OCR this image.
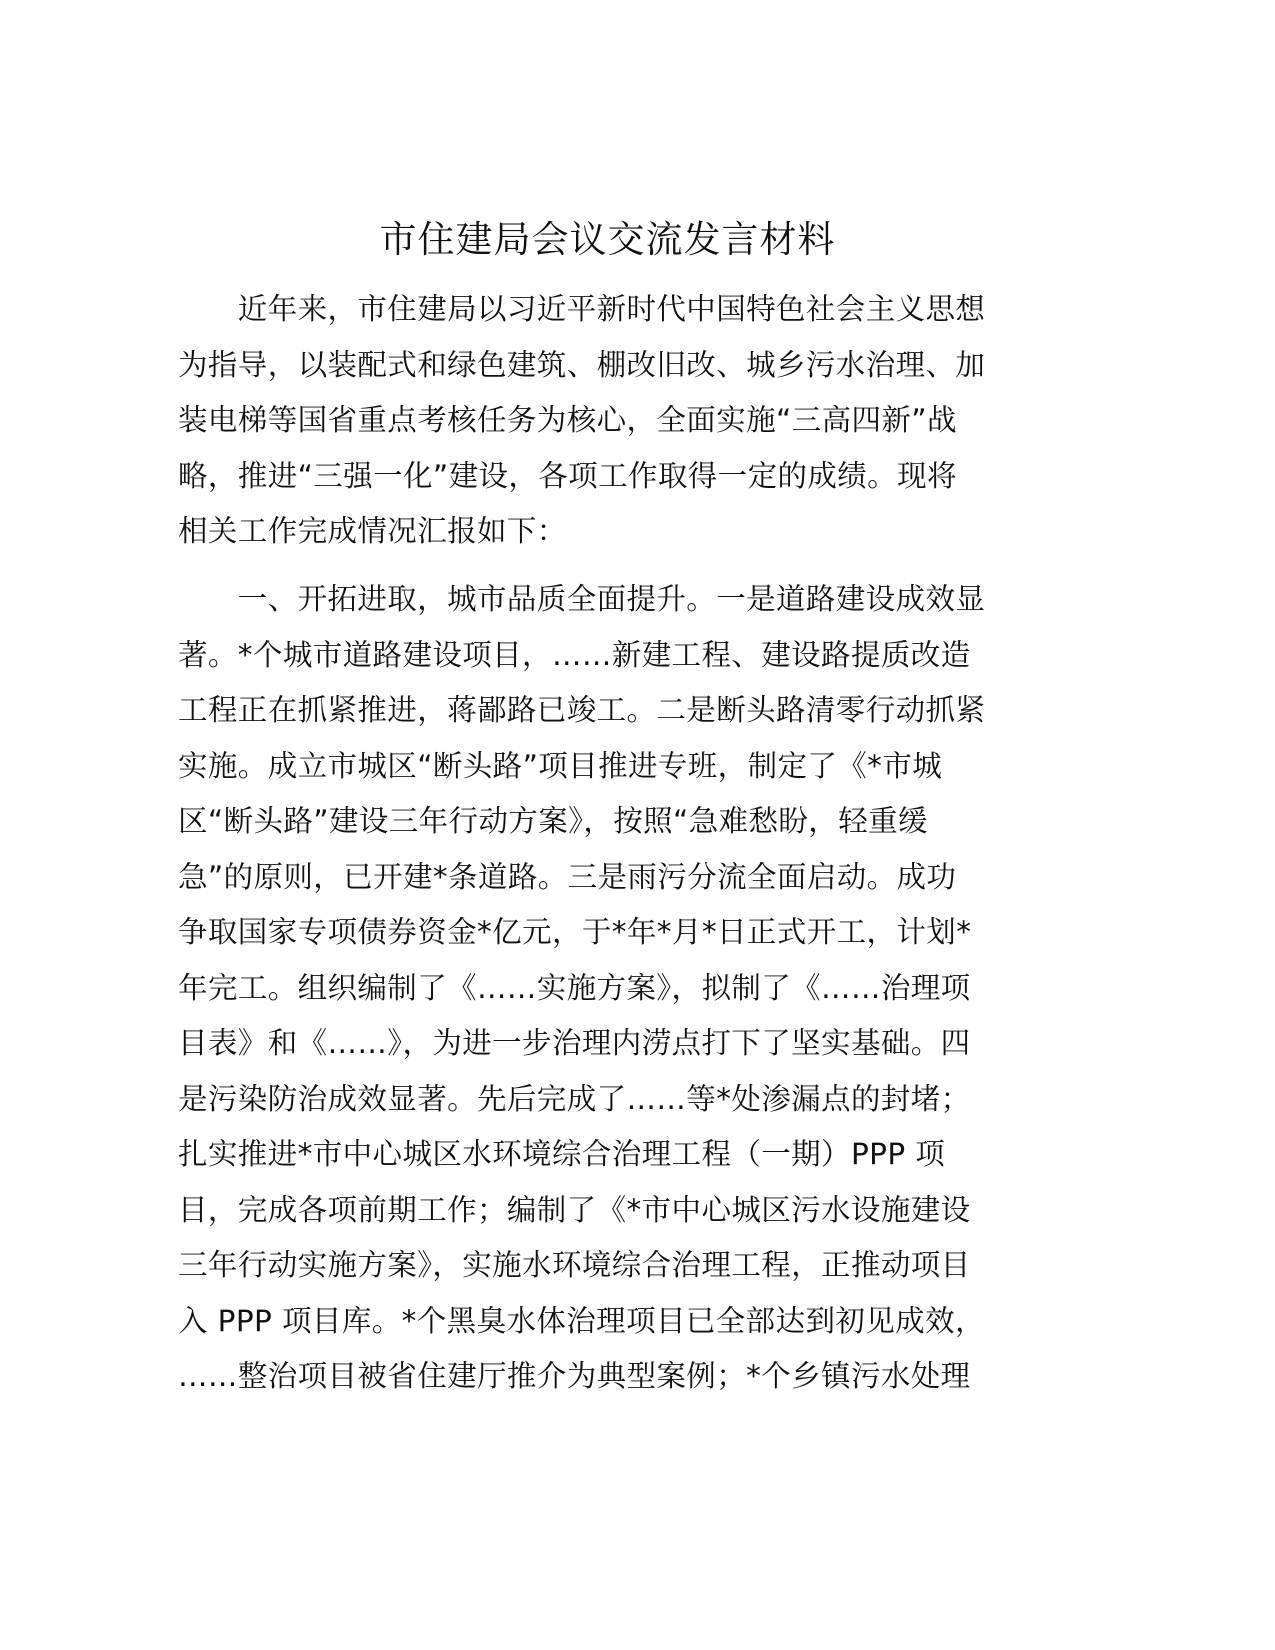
市住建局会议交流发言材料
　　近年来，市住建局以习近平新时代中国特色社会主义思想
为指导，以装配式和绿色建筑、棚改旧改、城乡污水治理、加
装电梯等国省重点考核任务为核心，全面实施“三高四新”战
略，推进“三强一化”建设，各项工作取得一定的成绩。现将
相关工作完成情况汇报如下：
　　一、开拓进取，城市品质全面提升。一是道路建设成效显
著。*个城市道路建设项目，……新建工程、建设路提质改造
工程正在抓紧推进，蒋鄙路已竣工。二是断头路清零行动抓紧
实施。成立市城区“断头路”项目推进专班，制定了《*市城
区“断头路”建设三年行动方案》，按照“急难愁盼，轻重缓
急”的原则，已开建*条道路。三是雨污分流全面启动。成功
争取国家专项债券资金*亿元，于*年*月*日正式开工，计划*
年完工。组织编制了《……实施方案》，拟制了《……治理项
目表》和《……》，为进一步治理内涝点打下了坚实基础。四
是污染防治成效显著。先后完成了……等*处渗漏点的封堵；
扎实推进*市中心城区水环境综合治理工程（一期）PPP 项
目，完成各项前期工作；编制了《*市中心城区污水设施建设
三年行动实施方案》，实施水环境综合治理工程，正推动项目
入 PPP 项目库。*个黑臭水体治理项目已全部达到初见成效，
……整治项目被省住建厅推介为典型案例；*个乡镇污水处理
